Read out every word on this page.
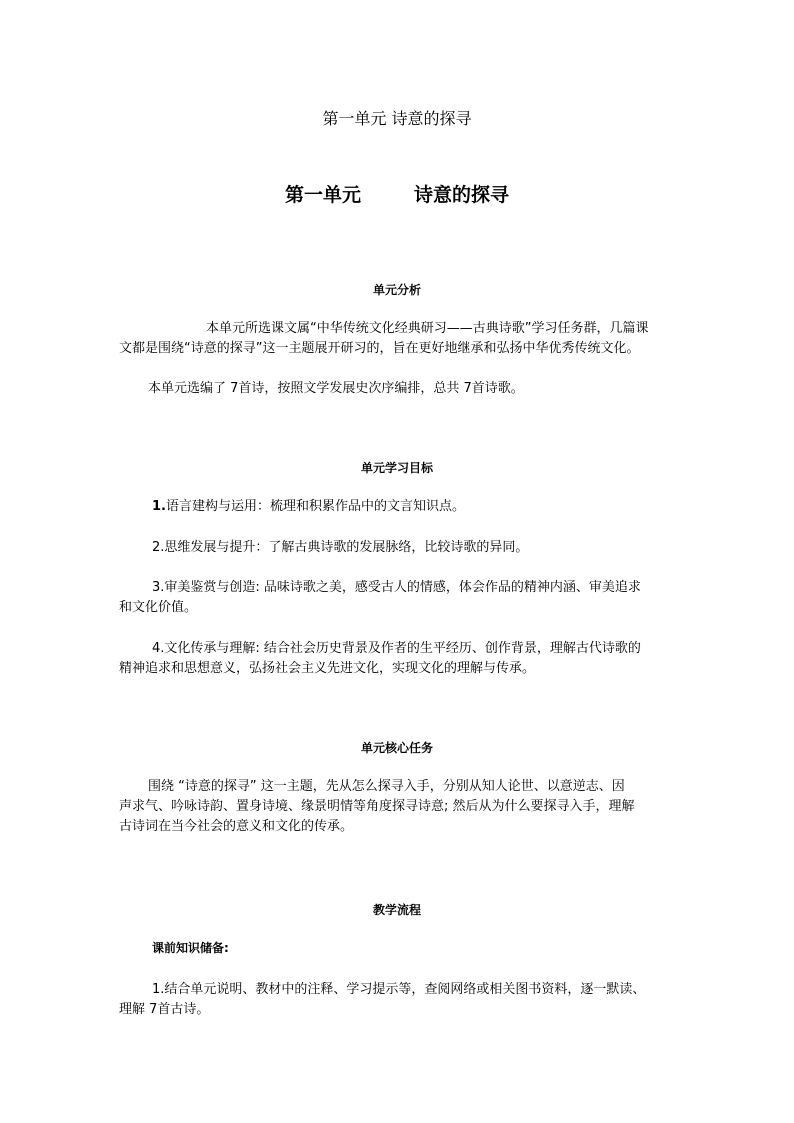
第一单元 诗意的探寻
第一单元        诗意的探寻
单元分析
本单元所选课文属“中华传统文化经典研习——古典诗歌”学习任务群，几篇课
文都是围绕“诗意的探寻”这一主题展开研习的，旨在更好地继承和弘扬中华优秀传统文化。
本单元选编了 7首诗，按照文学发展史次序编排，总共 7首诗歌。
单元学习目标
1.语言建构与运用：梳理和积累作品中的文言知识点。
2.思维发展与提升：了解古典诗歌的发展脉络，比较诗歌的异同。
3.审美鉴赏与创造: 品味诗歌之美，感受古人的情感，体会作品的精神内涵、审美追求
和文化价值。
4.文化传承与理解: 结合社会历史背景及作者的生平经历、创作背景，理解古代诗歌的
精神追求和思想意义，弘扬社会主义先进文化，实现文化的理解与传承。
单元核心任务
围绕 “诗意的探寻” 这一主题，先从怎么探寻入手，分别从知人论世、以意逆志、因
声求气、吟咏诗韵、置身诗境、缘景明情等角度探寻诗意; 然后从为什么要探寻入手，理解
古诗词在当今社会的意义和文化的传承。
教学流程
课前知识储备:
1.结合单元说明、教材中的注释、学习提示等，查阅网络或相关图书资料，逐一默读、
理解 7首古诗。
